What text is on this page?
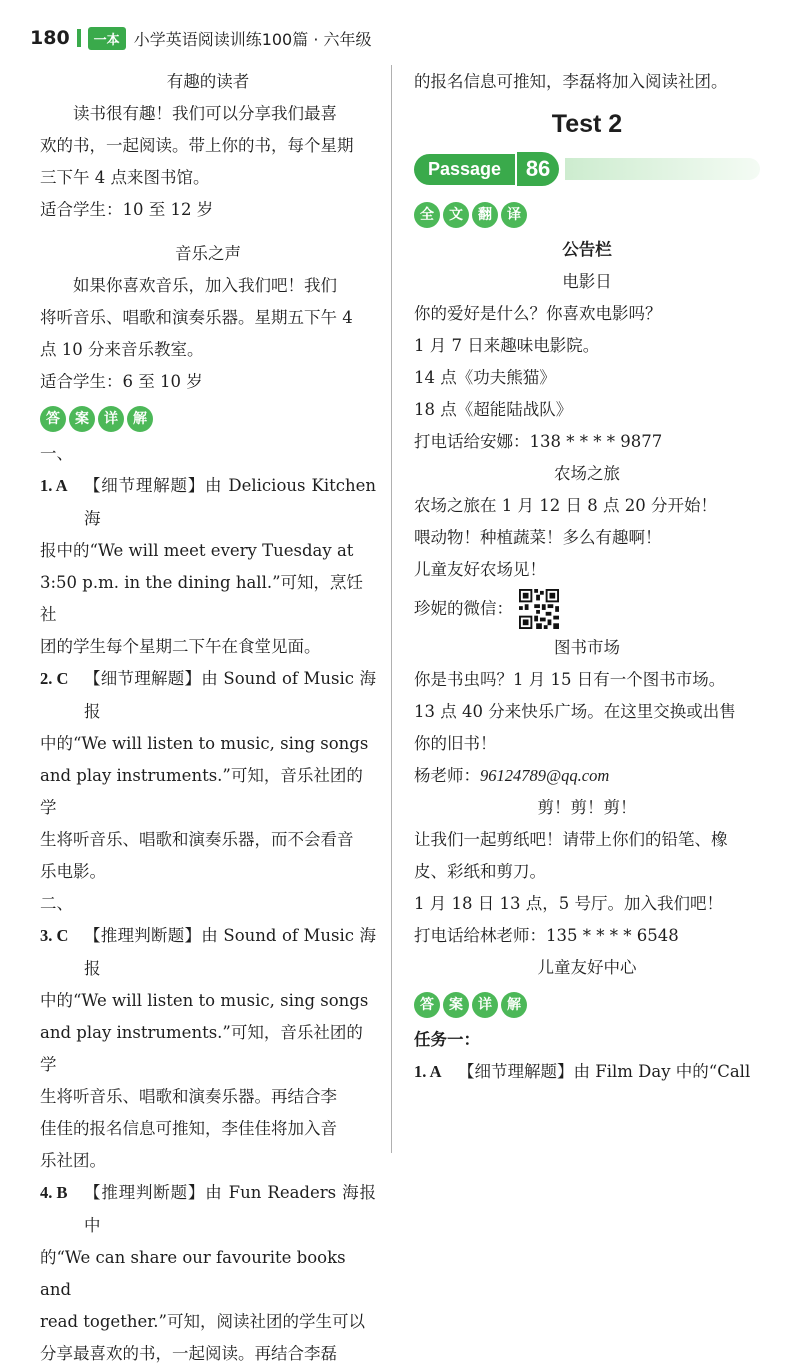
180	一本 小学英语阅读训练100篇 · 六年级

有趣的读者

读书很有趣！我们可以分享我们最喜

欢的书，一起阅读。带上你的书，每个星期

三下午 4 点来图书馆。

适合学生：10 至 12 岁

音乐之声

如果你喜欢音乐，加入我们吧！我们

将听音乐、唱歌和演奏乐器。星期五下午 4

点 10 分来音乐教室。

适合学生：6 至 10 岁

答	案	详	解

一、

1. A 【细节理解题】由 Delicious Kitchen 海

报中的“We will meet every Tuesday at

3:50 p.m. in the dining hall.”可知，烹饪社

团的学生每个星期二下午在食堂见面。

2. C 【细节理解题】由 Sound of Music 海报

中的“We will listen to music, sing songs

and play instruments.”可知，音乐社团的学

生将听音乐、唱歌和演奏乐器，而不会看音

乐电影。

二、

3. C 【推理判断题】由 Sound of Music 海报

中的“We will listen to music, sing songs

and play instruments.”可知，音乐社团的学

生将听音乐、唱歌和演奏乐器。再结合李

佳佳的报名信息可推知，李佳佳将加入音

乐社团。

4. B 【推理判断题】由 Fun Readers 海报中

的“We can share our favourite books and

read together.”可知，阅读社团的学生可以

分享最喜欢的书，一起阅读。再结合李磊

的报名信息可推知，李磊将加入阅读社团。

Test 2
Passage	86
全	文	翻	译

公告栏

电影日

你的爱好是什么？你喜欢电影吗？

1 月 7 日来趣味电影院。

14 点《功夫熊猫》

18 点《超能陆战队》

打电话给安娜：138 * * * * 9877

农场之旅

农场之旅在 1 月 12 日 8 点 20 分开始！

喂动物！种植蔬菜！多么有趣啊！

儿童友好农场见！

珍妮的微信：

图书市场

你是书虫吗？1 月 15 日有一个图书市场。

13 点 40 分来快乐广场。在这里交换或出售

你的旧书！

杨老师：96124789@qq.com

剪！剪！剪！

让我们一起剪纸吧！请带上你们的铅笔、橡

皮、彩纸和剪刀。

1 月 18 日 13 点，5 号厅。加入我们吧！

打电话给林老师：135 * * * * 6548

儿童友好中心

答	案	详	解

任务一：

1. A 【细节理解题】由 Film Day 中的“Call
